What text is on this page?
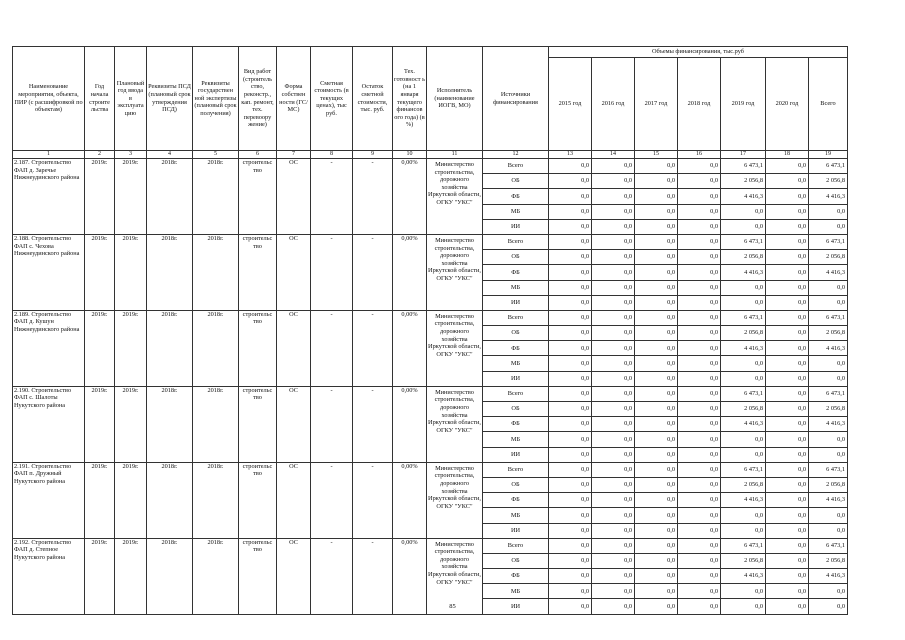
Наименование мероприятия, объекта, ПИР (с расшифровкой по объектам)	Год начала строите льства	Плановый год ввода в эксплуата цию	Реквизиты ПСД (плановый срок утверждения ПСД)	Реквизиты государствен ной экспертизы (плановый срок получения)	Вид работ (строитель ство, реконстр., кап. ремонт, тех. перевоору жение)	Форма собствен ности (ГС/МС)	Сметная стоимость (в текущих ценах), тыс руб.	Остаток сметной стоимости, тыс. руб.	Тех. готовност ь (на 1 января текущего финансов ого года) (в %)	Исполнитель (наименование ИОГВ, МО)	Источники финансирования	Объемы финансирования, тыс.руб						
												2015 год	2016 год	2017 год	2018 год	2019 год	2020 год	Всего
1	2	3	4	5	6	7	8	9	10	11	12	13	14	15	16	17	18	19
2.187. Строительство ФАП д. Заречье Нижнеудинского района	2019г.	2019г.	2018г.	2018г.	строительс тво	ОС	-	-	0,00%	Министерство строительства, дорожного хозяйства Иркутской области, ОГКУ "УКС"	Всего	0,0	0,0	0,0	0,0	6 473,1	0,0	6 473,1
											ОБ	0,0	0,0	0,0	0,0	2 056,8	0,0	2 056,8
											ФБ	0,0	0,0	0,0	0,0	4 416,3	0,0	4 416,3
											МБ	0,0	0,0	0,0	0,0	0,0	0,0	0,0
											ИИ	0,0	0,0	0,0	0,0	0,0	0,0	0,0
2.188. Строительство ФАП с. Чехова Нижнеудинского района	2019г.	2019г.	2018г.	2018г.	строительс тво	ОС	-	-	0,00%	Министерство строительства, дорожного хозяйства Иркутской области, ОГКУ "УКС"	Всего	0,0	0,0	0,0	0,0	6 473,1	0,0	6 473,1
											ОБ	0,0	0,0	0,0	0,0	2 056,8	0,0	2 056,8
											ФБ	0,0	0,0	0,0	0,0	4 416,3	0,0	4 416,3
											МБ	0,0	0,0	0,0	0,0	0,0	0,0	0,0
											ИИ	0,0	0,0	0,0	0,0	0,0	0,0	0,0
2.189. Строительство ФАП д. Кушун Нижнеудинского района	2019г.	2019г.	2018г.	2018г.	строительс тво	ОС	-	-	0,00%	Министерство строительства, дорожного хозяйства Иркутской области, ОГКУ "УКС"	Всего	0,0	0,0	0,0	0,0	6 473,1	0,0	6 473,1
											ОБ	0,0	0,0	0,0	0,0	2 056,8	0,0	2 056,8
											ФБ	0,0	0,0	0,0	0,0	4 416,3	0,0	4 416,3
											МБ	0,0	0,0	0,0	0,0	0,0	0,0	0,0
											ИИ	0,0	0,0	0,0	0,0	0,0	0,0	0,0
2.190. Строительство ФАП с. Шалоты Нукутского района	2019г.	2019г.	2018г.	2018г.	строительс тво	ОС	-	-	0,00%	Министерство строительства, дорожного хозяйства Иркутской области, ОГКУ "УКС"	Всего	0,0	0,0	0,0	0,0	6 473,1	0,0	6 473,1
											ОБ	0,0	0,0	0,0	0,0	2 056,8	0,0	2 056,8
											ФБ	0,0	0,0	0,0	0,0	4 416,3	0,0	4 416,3
											МБ	0,0	0,0	0,0	0,0	0,0	0,0	0,0
											ИИ	0,0	0,0	0,0	0,0	0,0	0,0	0,0
2.191. Строительство ФАП п. Дружный Нукутского района	2019г.	2019г.	2018г.	2018г.	строительс тво	ОС	-	-	0,00%	Министерство строительства, дорожного хозяйства Иркутской области, ОГКУ "УКС"	Всего	0,0	0,0	0,0	0,0	6 473,1	0,0	6 473,1
											ОБ	0,0	0,0	0,0	0,0	2 056,8	0,0	2 056,8
											ФБ	0,0	0,0	0,0	0,0	4 416,3	0,0	4 416,3
											МБ	0,0	0,0	0,0	0,0	0,0	0,0	0,0
											ИИ	0,0	0,0	0,0	0,0	0,0	0,0	0,0
2.192. Строительство ФАП д. Степное Нукутского района	2019г.	2019г.	2018г.	2018г.	строительс тво	ОС	-	-	0,00%	Министерство строительства, дорожного хозяйства Иркутской области, ОГКУ "УКС"	Всего	0,0	0,0	0,0	0,0	6 473,1	0,0	6 473,1
											ОБ	0,0	0,0	0,0	0,0	2 056,8	0,0	2 056,8
											ФБ	0,0	0,0	0,0	0,0	4 416,3	0,0	4 416,3
											МБ	0,0	0,0	0,0	0,0	0,0	0,0	0,0
											ИИ	0,0	0,0	0,0	0,0	0,0	0,0	0,0
85
